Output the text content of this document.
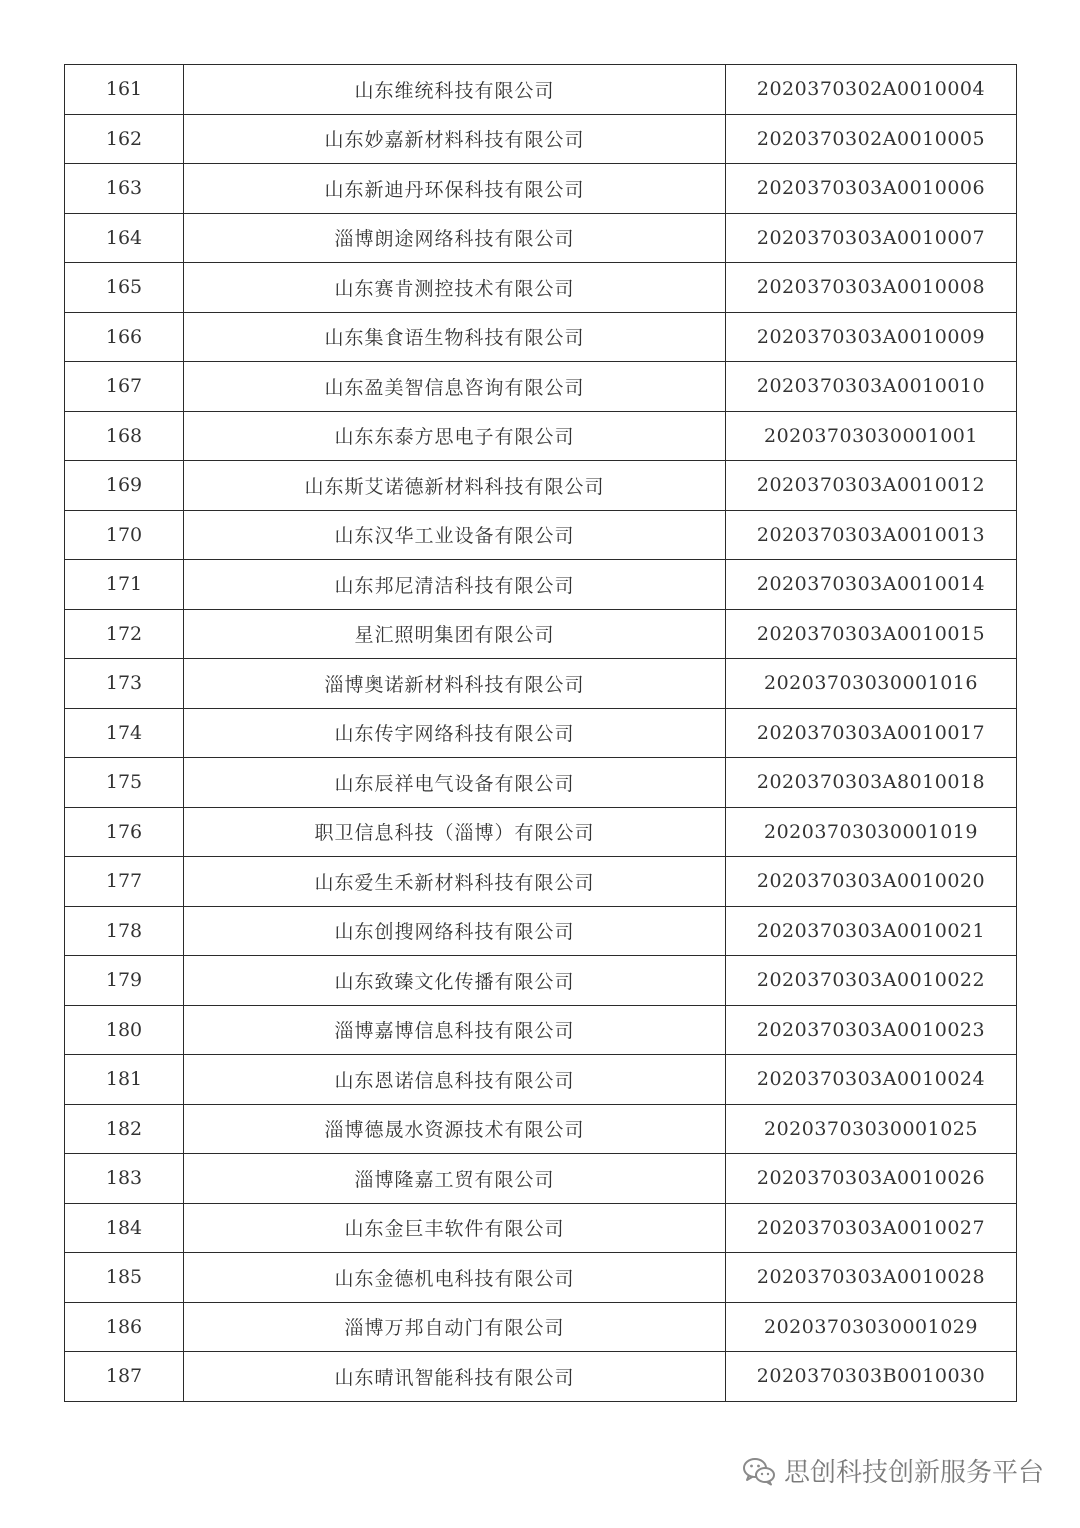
161	山东维统科技有限公司	2020370302A0010004
162	山东妙嘉新材料科技有限公司	2020370302A0010005
163	山东新迪丹环保科技有限公司	2020370303A0010006
164	淄博朗途网络科技有限公司	2020370303A0010007
165	山东赛肯测控技术有限公司	2020370303A0010008
166	山东集食语生物科技有限公司	2020370303A0010009
167	山东盈美智信息咨询有限公司	2020370303A0010010
168	山东东泰方思电子有限公司	20203703030001001
169	山东斯艾诺德新材料科技有限公司	2020370303A0010012
170	山东汉华工业设备有限公司	2020370303A0010013
171	山东邦尼清洁科技有限公司	2020370303A0010014
172	星汇照明集团有限公司	2020370303A0010015
173	淄博奥诺新材料科技有限公司	20203703030001016
174	山东传宇网络科技有限公司	2020370303A0010017
175	山东辰祥电气设备有限公司	2020370303A8010018
176	职卫信息科技（淄博）有限公司	20203703030001019
177	山东爱生禾新材料科技有限公司	2020370303A0010020
178	山东创搜网络科技有限公司	2020370303A0010021
179	山东致臻文化传播有限公司	2020370303A0010022
180	淄博嘉博信息科技有限公司	2020370303A0010023
181	山东恩诺信息科技有限公司	2020370303A0010024
182	淄博德晟水资源技术有限公司	20203703030001025
183	淄博隆嘉工贸有限公司	2020370303A0010026
184	山东金巨丰软件有限公司	2020370303A0010027
185	山东金德机电科技有限公司	2020370303A0010028
186	淄博万邦自动门有限公司	20203703030001029
187	山东晴讯智能科技有限公司	2020370303B0010030
思创科技创新服务平台
